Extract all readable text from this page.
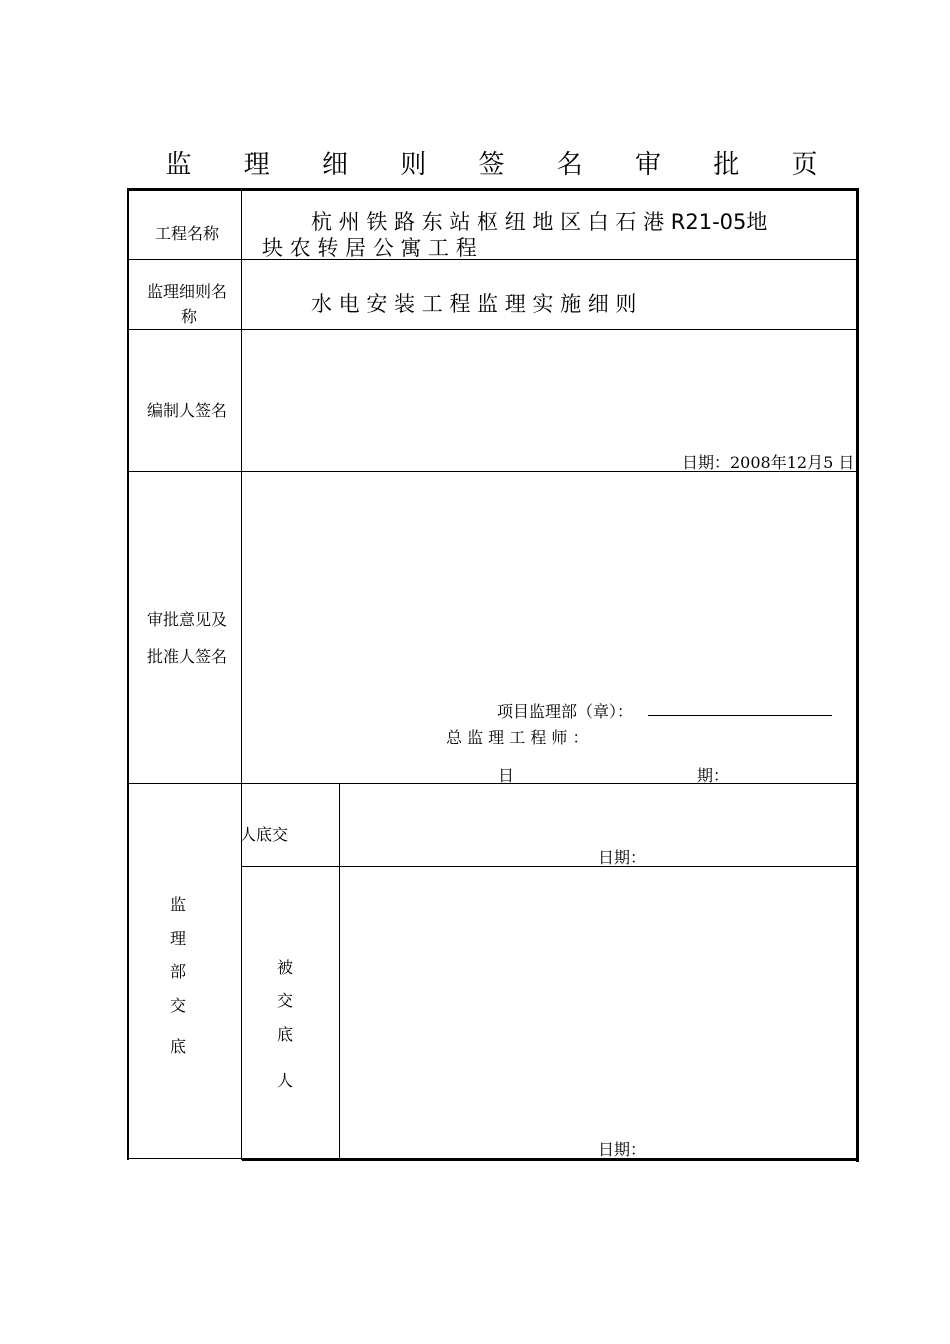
监 理 细 则 签 名 审 批 页
工程名称	杭 州 铁 路 东 站 枢 纽 地 区 白 石 港 R21-05地
块 农 转 居 公 寓 工 程
监理细则名
称
水 电 安 装 工 程 监 理 实 施 细 则
编制人签名
日期：2008年12月5 日
审批意见及
批准人签名
项目监理部（章）：
总 监 理 工 程 师 ：
日	期：
监
理
部
交
底
人底交
日期：
被
交
底
人
日期：
